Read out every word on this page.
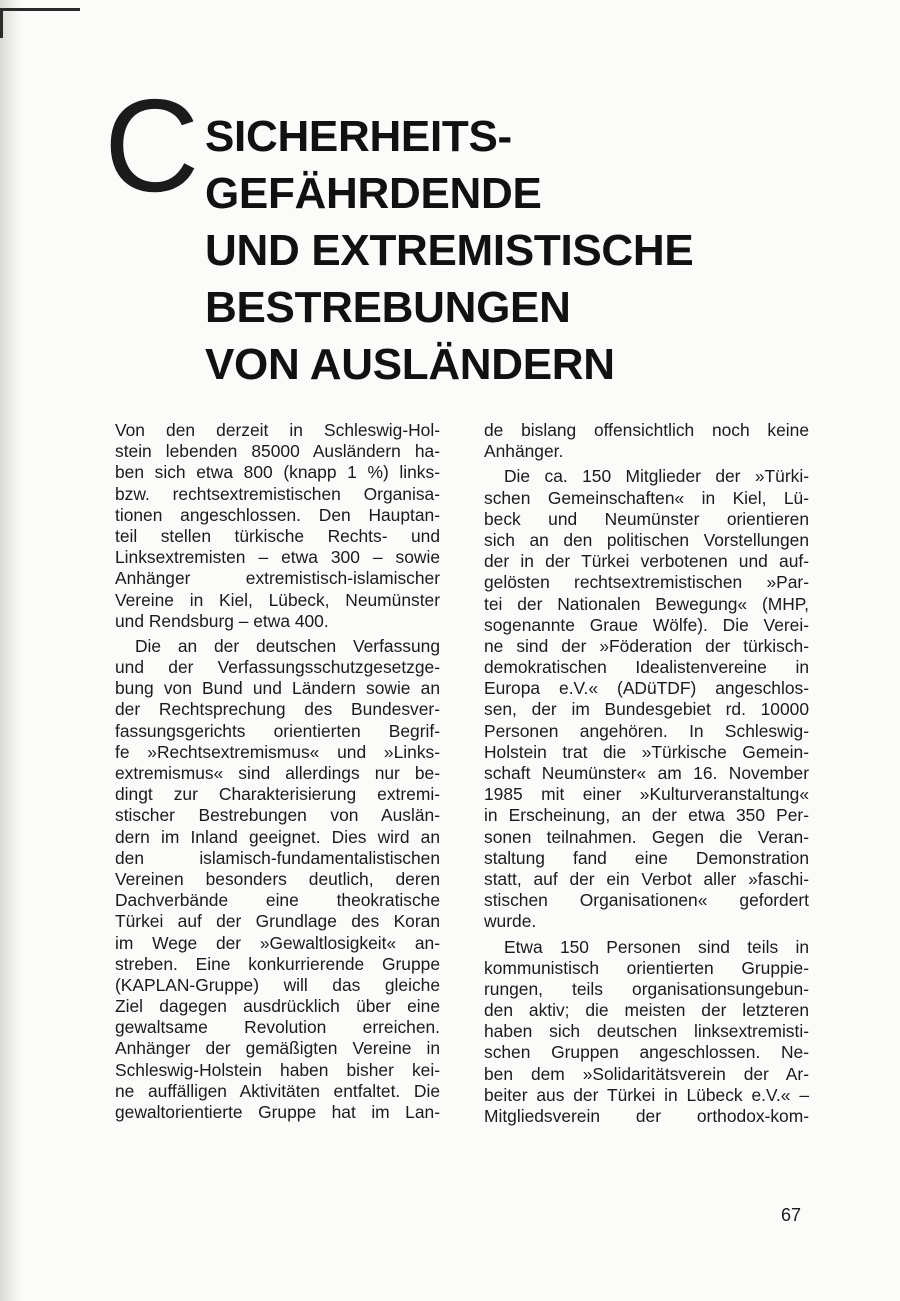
C SICHERHEITS-
GEFÄHRDENDE
UND EXTREMISTISCHE
BESTREBUNGEN
VON AUSLÄNDERN
Von den derzeit in Schleswig-Hol-
stein lebenden 85000 Ausländern ha-
ben sich etwa 800 (knapp 1 %) links-
bzw. rechtsextremistischen Organisa-
tionen angeschlossen. Den Hauptan-
teil stellen türkische Rechts- und
Linksextremisten – etwa 300 – sowie
Anhänger extremistisch-islamischer
Vereine in Kiel, Lübeck, Neumünster
und Rendsburg – etwa 400.
Die an der deutschen Verfassung
und der Verfassungsschutzgesetzge-
bung von Bund und Ländern sowie an
der Rechtsprechung des Bundesver-
fassungsgerichts orientierten Begrif-
fe »Rechtsextremismus« und »Links-
extremismus« sind allerdings nur be-
dingt zur Charakterisierung extremi-
stischer Bestrebungen von Auslän-
dern im Inland geeignet. Dies wird an
den islamisch-fundamentalistischen
Vereinen besonders deutlich, deren
Dachverbände eine theokratische
Türkei auf der Grundlage des Koran
im Wege der »Gewaltlosigkeit« an-
streben. Eine konkurrierende Gruppe
(KAPLAN-Gruppe) will das gleiche
Ziel dagegen ausdrücklich über eine
gewaltsame Revolution erreichen.
Anhänger der gemäßigten Vereine in
Schleswig-Holstein haben bisher kei-
ne auffälligen Aktivitäten entfaltet. Die
gewaltorientierte Gruppe hat im Lan-
de bislang offensichtlich noch keine
Anhänger.
Die ca. 150 Mitglieder der »Türki-
schen Gemeinschaften« in Kiel, Lü-
beck und Neumünster orientieren
sich an den politischen Vorstellungen
der in der Türkei verbotenen und auf-
gelösten rechtsextremistischen »Par-
tei der Nationalen Bewegung« (MHP,
sogenannte Graue Wölfe). Die Verei-
ne sind der »Föderation der türkisch-
demokratischen Idealistenvereine in
Europa e.V.« (ADüTDF) angeschlos-
sen, der im Bundesgebiet rd. 10000
Personen angehören. In Schleswig-
Holstein trat die »Türkische Gemein-
schaft Neumünster« am 16. November
1985 mit einer »Kulturveranstaltung«
in Erscheinung, an der etwa 350 Per-
sonen teilnahmen. Gegen die Veran-
staltung fand eine Demonstration
statt, auf der ein Verbot aller »faschi-
stischen Organisationen« gefordert
wurde.
Etwa 150 Personen sind teils in
kommunistisch orientierten Gruppie-
rungen, teils organisationsungebun-
den aktiv; die meisten der letzteren
haben sich deutschen linksextremisti-
schen Gruppen angeschlossen. Ne-
ben dem »Solidaritätsverein der Ar-
beiter aus der Türkei in Lübeck e.V.« –
Mitgliedsverein der orthodox-kom-
67
